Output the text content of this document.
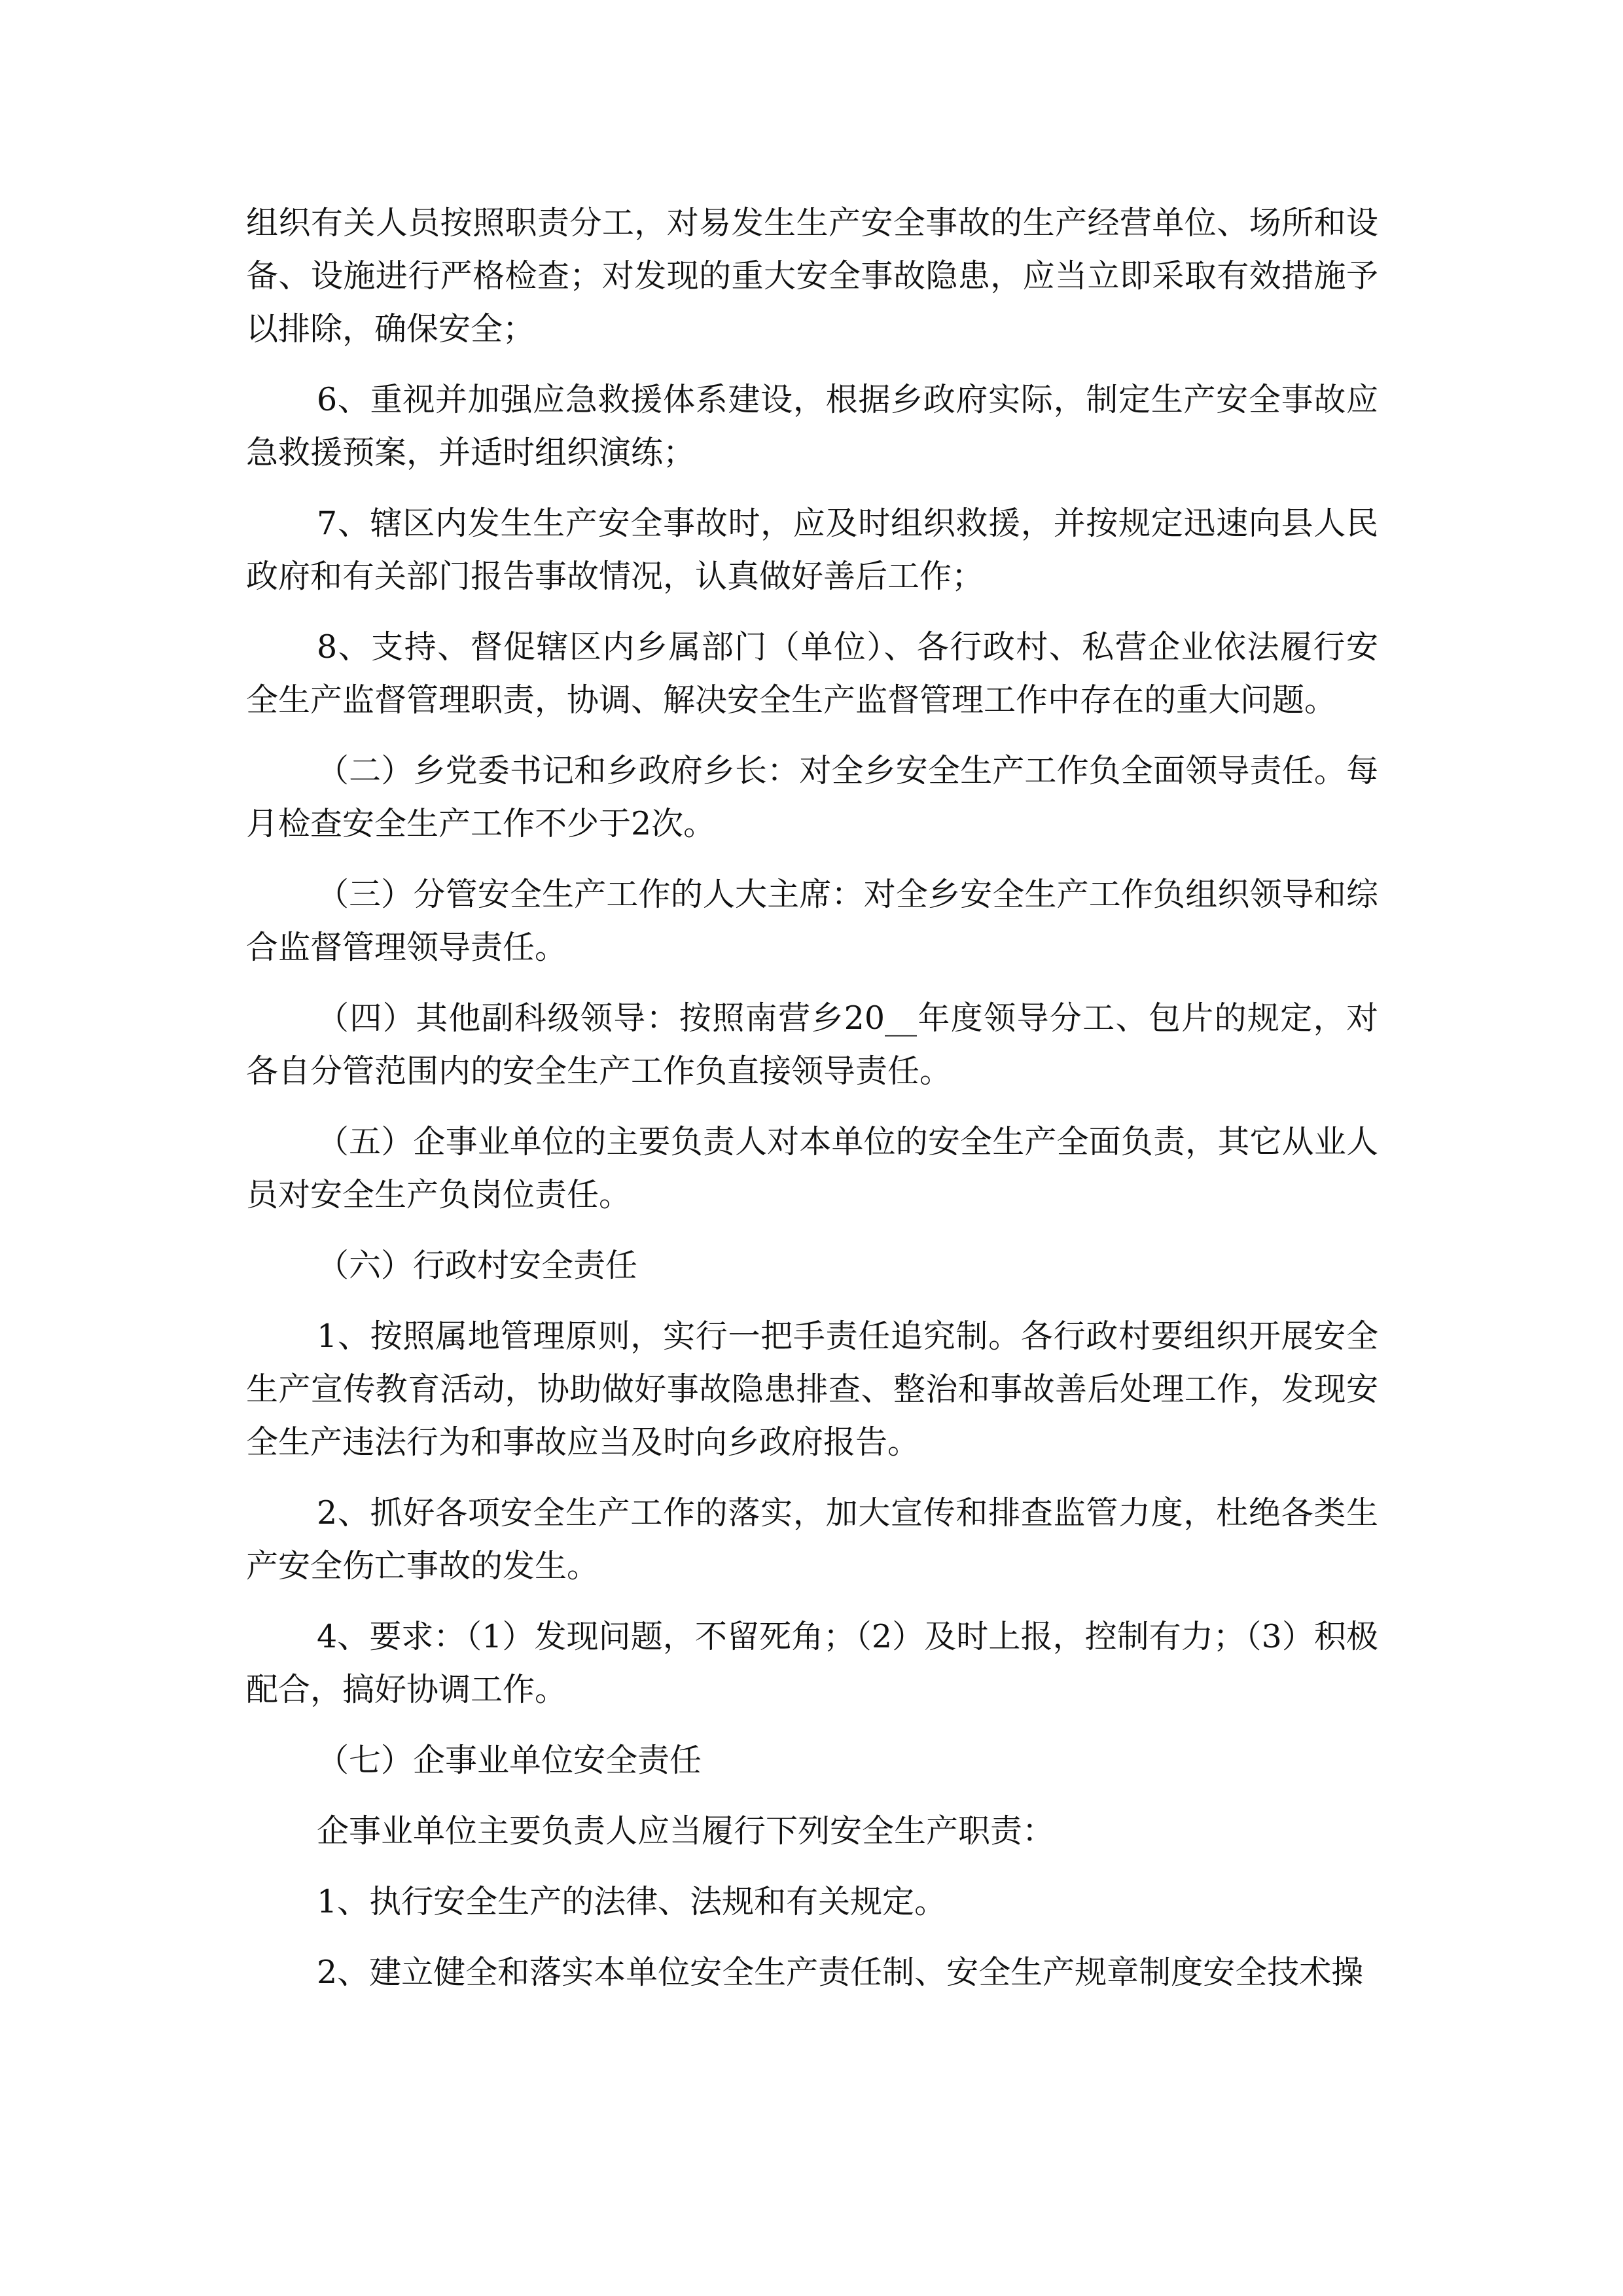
组织有关人员按照职责分工，对易发生生产安全事故的生产经营单位、场所和设备、设施进行严格检查；对发现的重大安全事故隐患，应当立即采取有效措施予以排除，确保安全；

6、重视并加强应急救援体系建设，根据乡政府实际，制定生产安全事故应急救援预案，并适时组织演练；

7、辖区内发生生产安全事故时，应及时组织救援，并按规定迅速向县人民政府和有关部门报告事故情况，认真做好善后工作；

8、支持、督促辖区内乡属部门（单位）、各行政村、私营企业依法履行安全生产监督管理职责，协调、解决安全生产监督管理工作中存在的重大问题。

（二）乡党委书记和乡政府乡长：对全乡安全生产工作负全面领导责任。每月检查安全生产工作不少于2次。

（三）分管安全生产工作的人大主席：对全乡安全生产工作负组织领导和综合监督管理领导责任。

（四）其他副科级领导：按照南营乡20__年度领导分工、包片的规定，对各自分管范围内的安全生产工作负直接领导责任。

（五）企事业单位的主要负责人对本单位的安全生产全面负责，其它从业人员对安全生产负岗位责任。

（六）行政村安全责任

1、按照属地管理原则，实行一把手责任追究制。各行政村要组织开展安全生产宣传教育活动，协助做好事故隐患排查、整治和事故善后处理工作，发现安全生产违法行为和事故应当及时向乡政府报告。

2、抓好各项安全生产工作的落实，加大宣传和排查监管力度，杜绝各类生产安全伤亡事故的发生。

4、要求：（1）发现问题，不留死角；（2）及时上报，控制有力；（3）积极配合，搞好协调工作。

（七）企事业单位安全责任

企事业单位主要负责人应当履行下列安全生产职责：

1、执行安全生产的法律、法规和有关规定。

2、建立健全和落实本单位安全生产责任制、安全生产规章制度安全技术操
